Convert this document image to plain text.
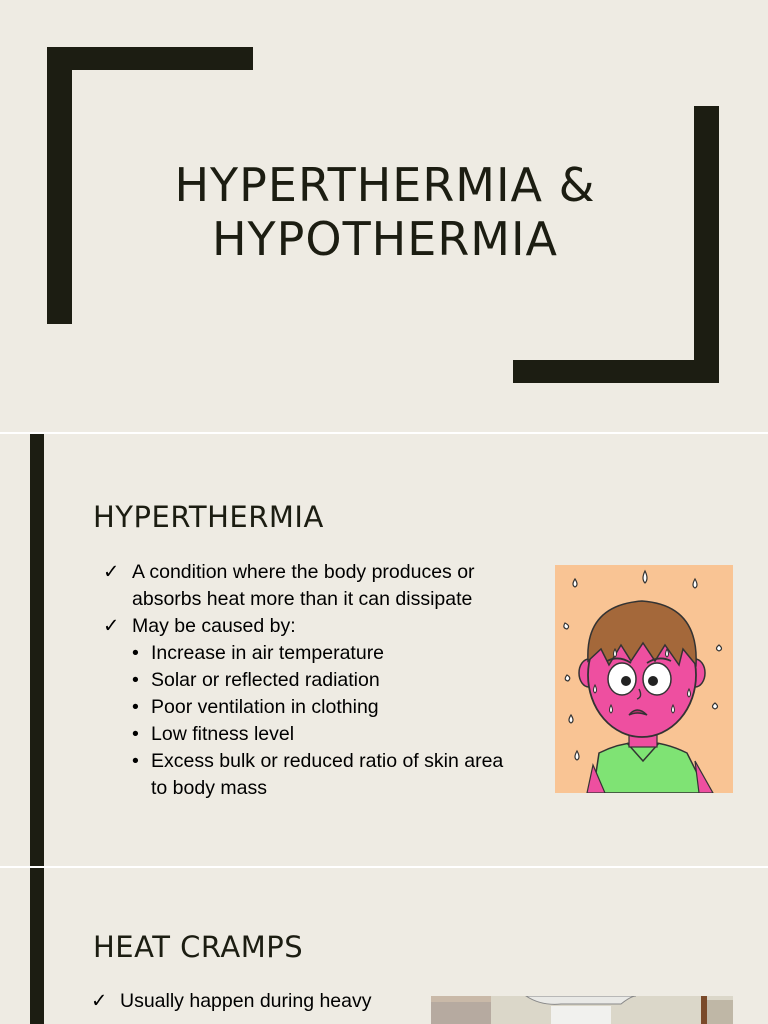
HYPERTHERMIA &
HYPOTHERMIA
HYPERTHERMIA
✓ A condition where the body produces or
absorbs heat more than it can dissipate
✓ May be caused by:
• Increase in air temperature
• Solar or reflected radiation
• Poor ventilation in clothing
• Low fitness level
• Excess bulk or reduced ratio of skin area
to body mass
HEAT CRAMPS
✓ Usually happen during heavy
